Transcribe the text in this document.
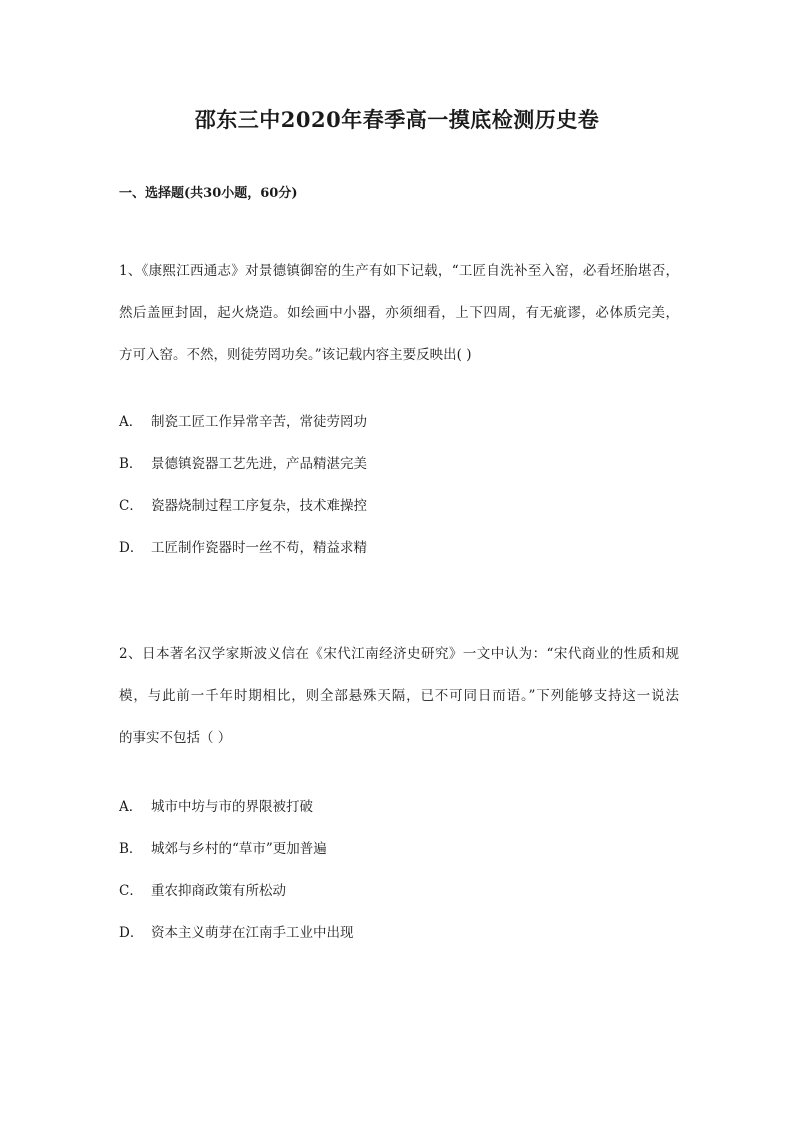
邵东三中2020年春季高一摸底检测历史卷
一、选择题(共30小题，60分)
1、《康熙江西通志》对景德镇御窑的生产有如下记载，“工匠自洗补至入窑，必看坯胎堪否，
然后盖匣封固，起火烧造。如绘画中小器，亦须细看，上下四周，有无疵谬，必体质完美，
方可入窑。不然，则徒劳罔功矣。”该记载内容主要反映出( )
A． 制瓷工匠工作异常辛苦，常徒劳罔功
B． 景德镇瓷器工艺先进，产品精湛完美
C． 瓷器烧制过程工序复杂，技术难操控
D． 工匠制作瓷器时一丝不苟，精益求精
2、日本著名汉学家斯波义信在《宋代江南经济史研究》一文中认为：“宋代商业的性质和规
模，与此前一千年时期相比，则全部悬殊天隔，已不可同日而语。”下列能够支持这一说法
的事实不包括（ ）
A． 城市中坊与市的界限被打破
B． 城郊与乡村的“草市”更加普遍
C． 重农抑商政策有所松动
D． 资本主义萌芽在江南手工业中出现
